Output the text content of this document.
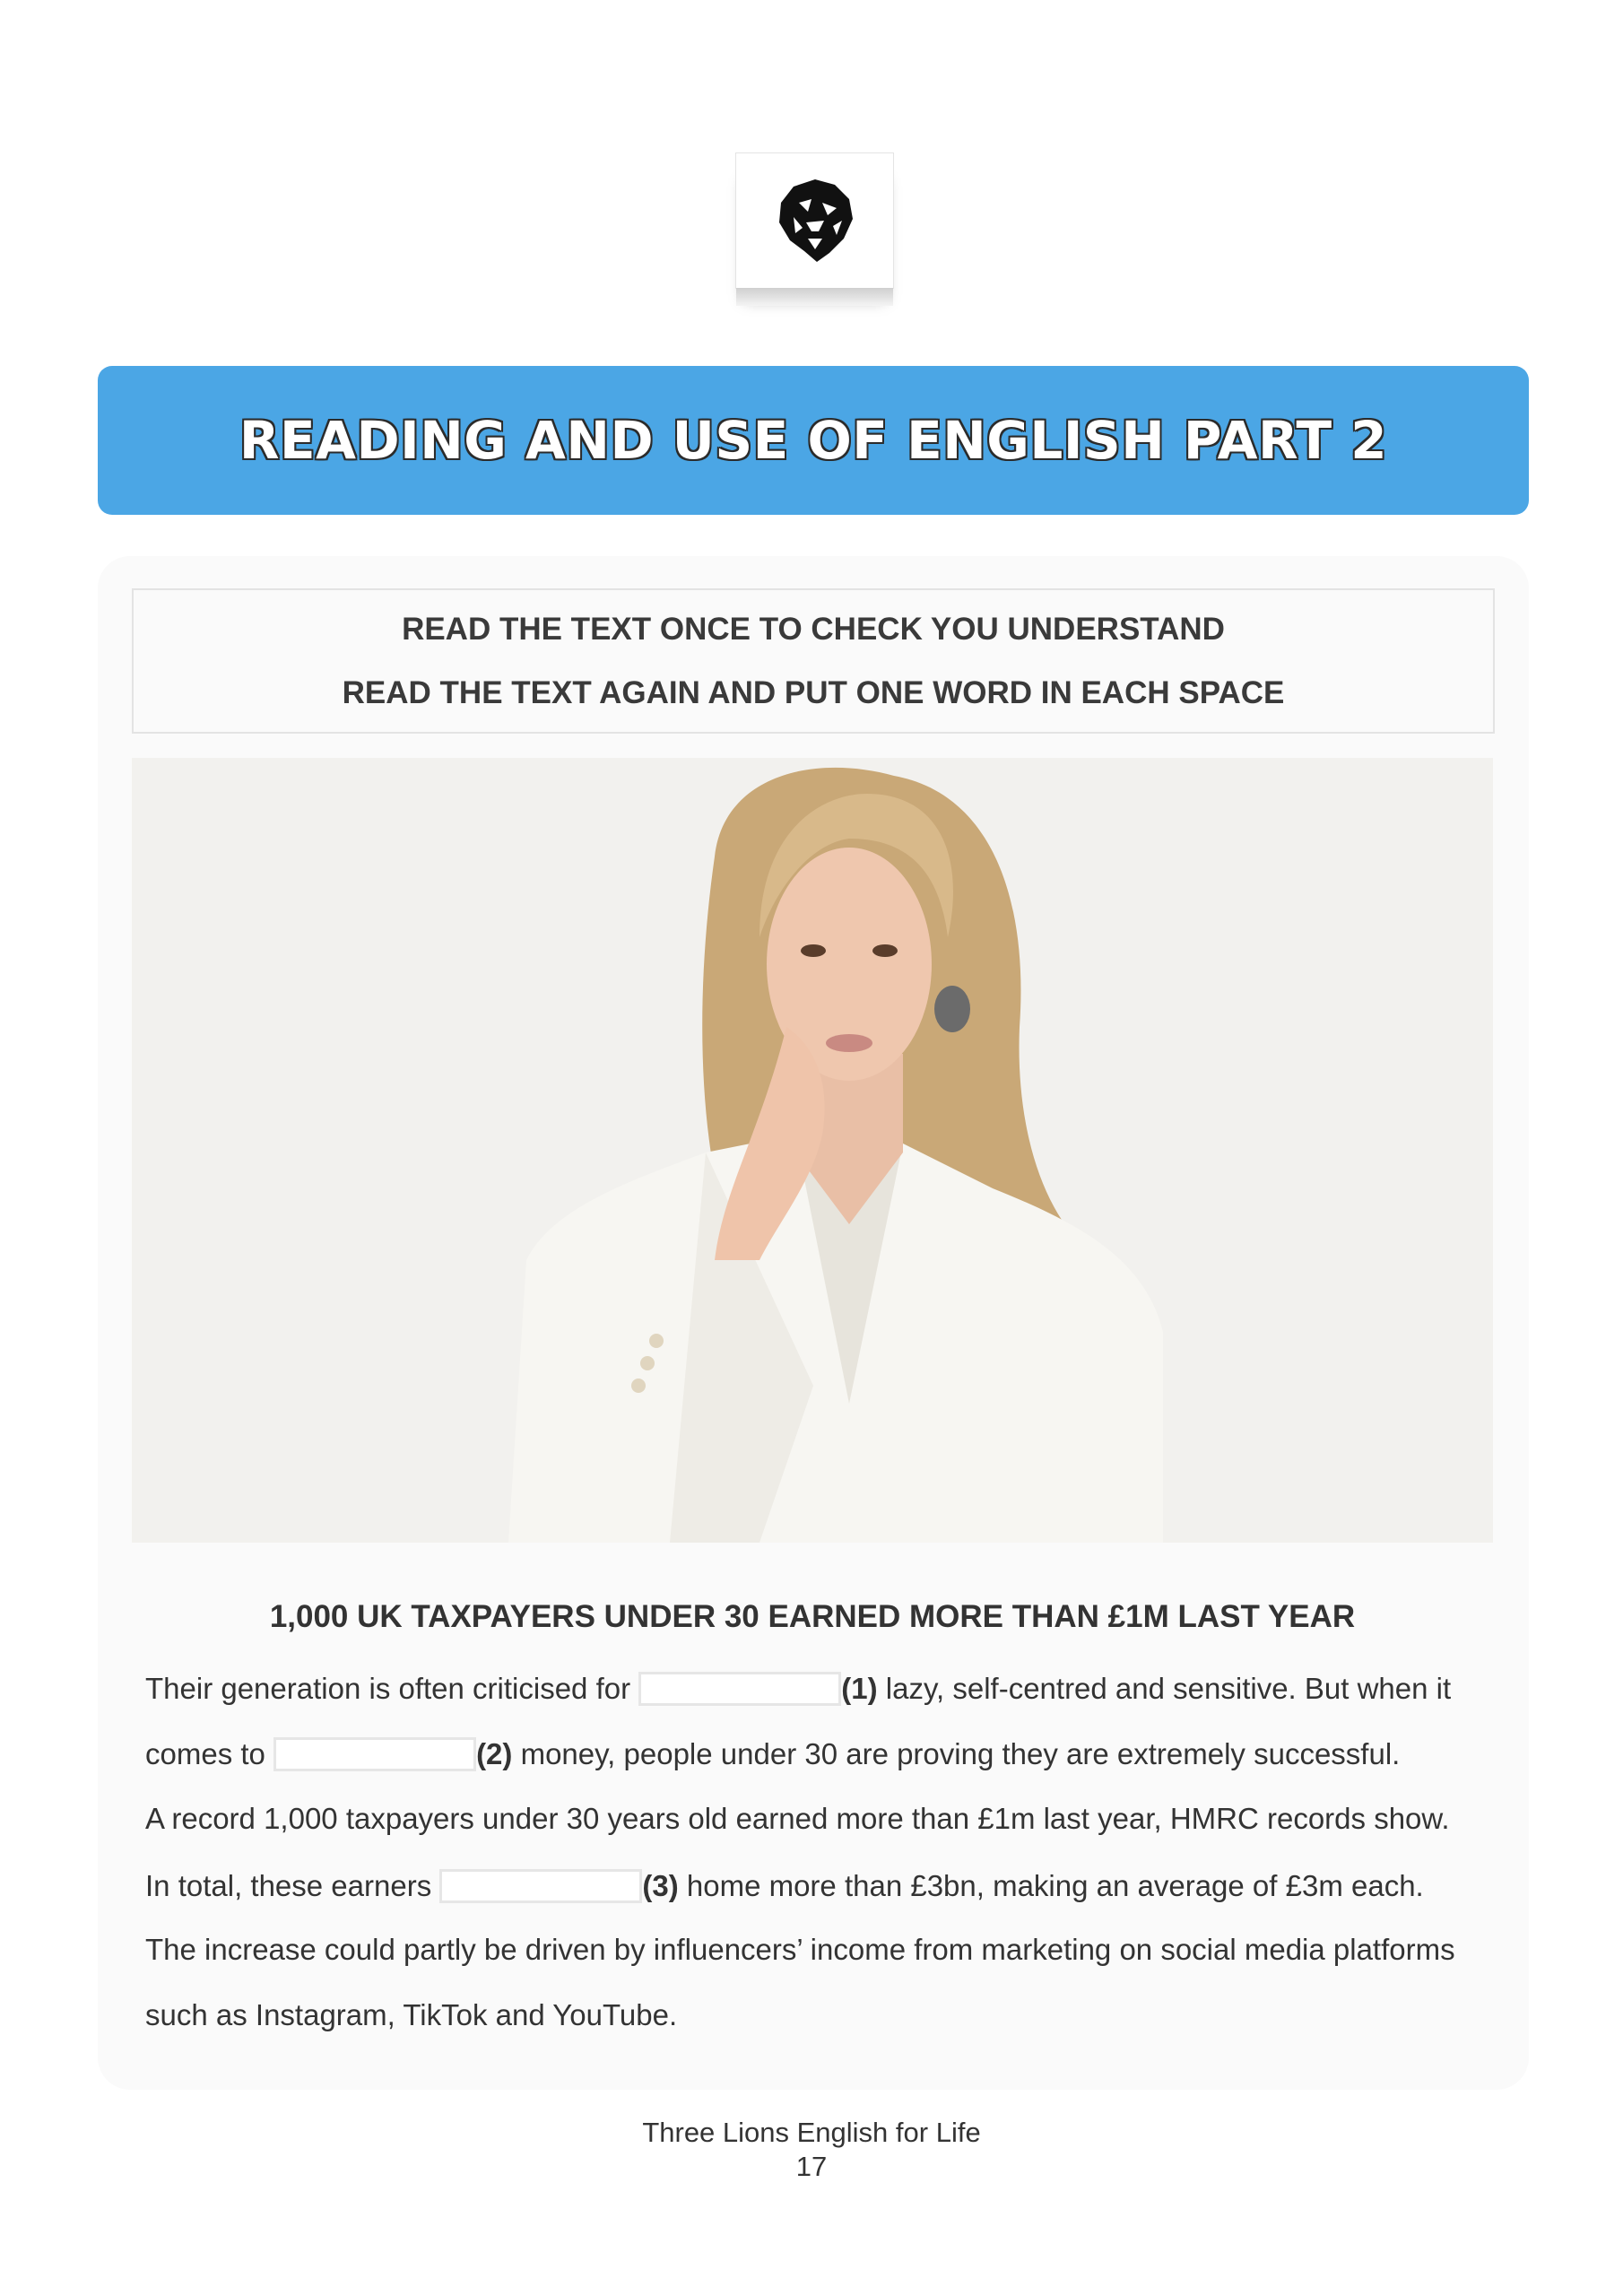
READING AND USE OF ENGLISH PART 2
READ THE TEXT ONCE TO CHECK YOU UNDERSTAND
READ THE TEXT AGAIN AND PUT ONE WORD IN EACH SPACE
1,000 UK TAXPAYERS UNDER 30 EARNED MORE THAN £1M LAST YEAR
Their generation is often criticised for	(1) lazy, self-centred and sensitive. But when it
comes to	(2) money, people under 30 are proving they are extremely successful.
A record 1,000 taxpayers under 30 years old earned more than £1m last year, HMRC records show.
In total, these earners	(3) home more than £3bn, making an average of £3m each.
The increase could partly be driven by influencers’ income from marketing on social media platforms
such as Instagram, TikTok and YouTube.
Three Lions English for Life
17
